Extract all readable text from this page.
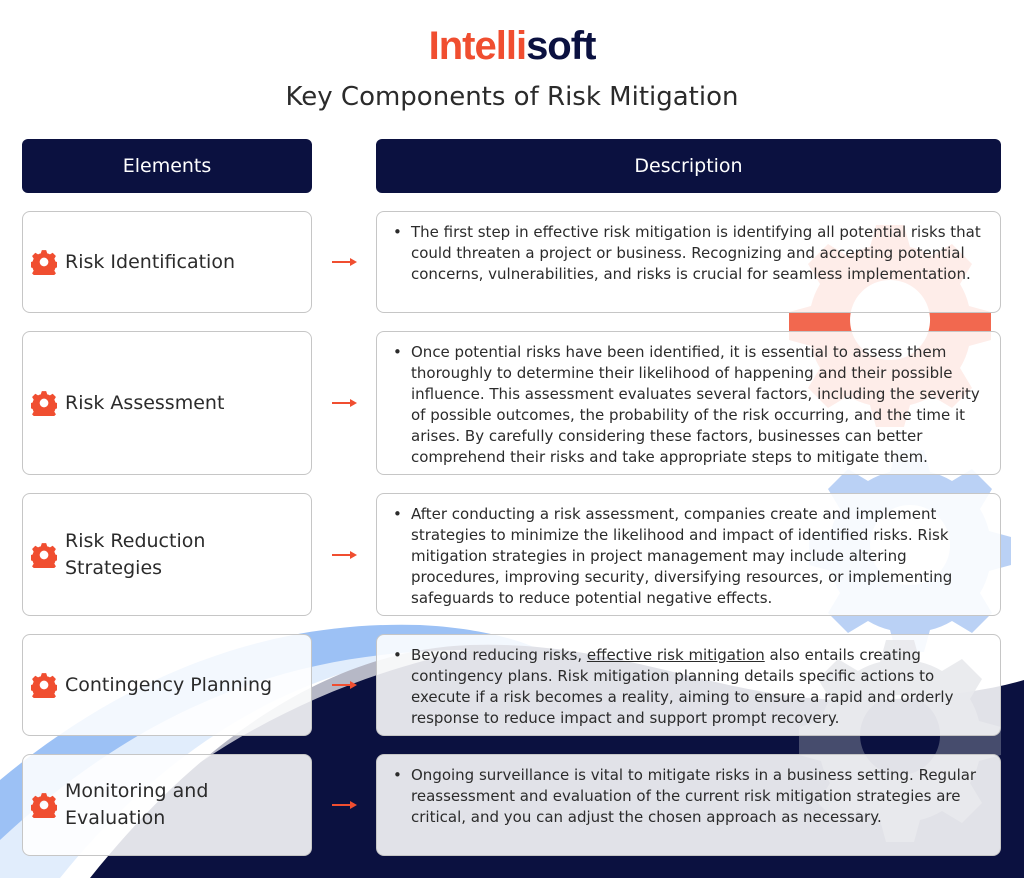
Intellisoft
Key Components of Risk Mitigation
Elements	Description
Risk Identification
• The first step in effective risk mitigation is identifying all potential risks that could threaten a project or business. Recognizing and accepting potential concerns, vulnerabilities, and risks is crucial for seamless implementation.
Risk Assessment
• Once potential risks have been identified, it is essential to assess them thoroughly to determine their likelihood of happening and their possible influence. This assessment evaluates several factors, including the severity of possible outcomes, the probability of the risk occurring, and the time it arises. By carefully considering these factors, businesses can better comprehend their risks and take appropriate steps to mitigate them.
Risk Reduction Strategies
• After conducting a risk assessment, companies create and implement strategies to minimize the likelihood and impact of identified risks. Risk mitigation strategies in project management may include altering procedures, improving security, diversifying resources, or implementing safeguards to reduce potential negative effects.
Contingency Planning
• Beyond reducing risks, effective risk mitigation also entails creating contingency plans. Risk mitigation planning details specific actions to execute if a risk becomes a reality, aiming to ensure a rapid and orderly response to reduce impact and support prompt recovery.
Monitoring and Evaluation
• Ongoing surveillance is vital to mitigate risks in a business setting. Regular reassessment and evaluation of the current risk mitigation strategies are critical, and you can adjust the chosen approach as necessary.
